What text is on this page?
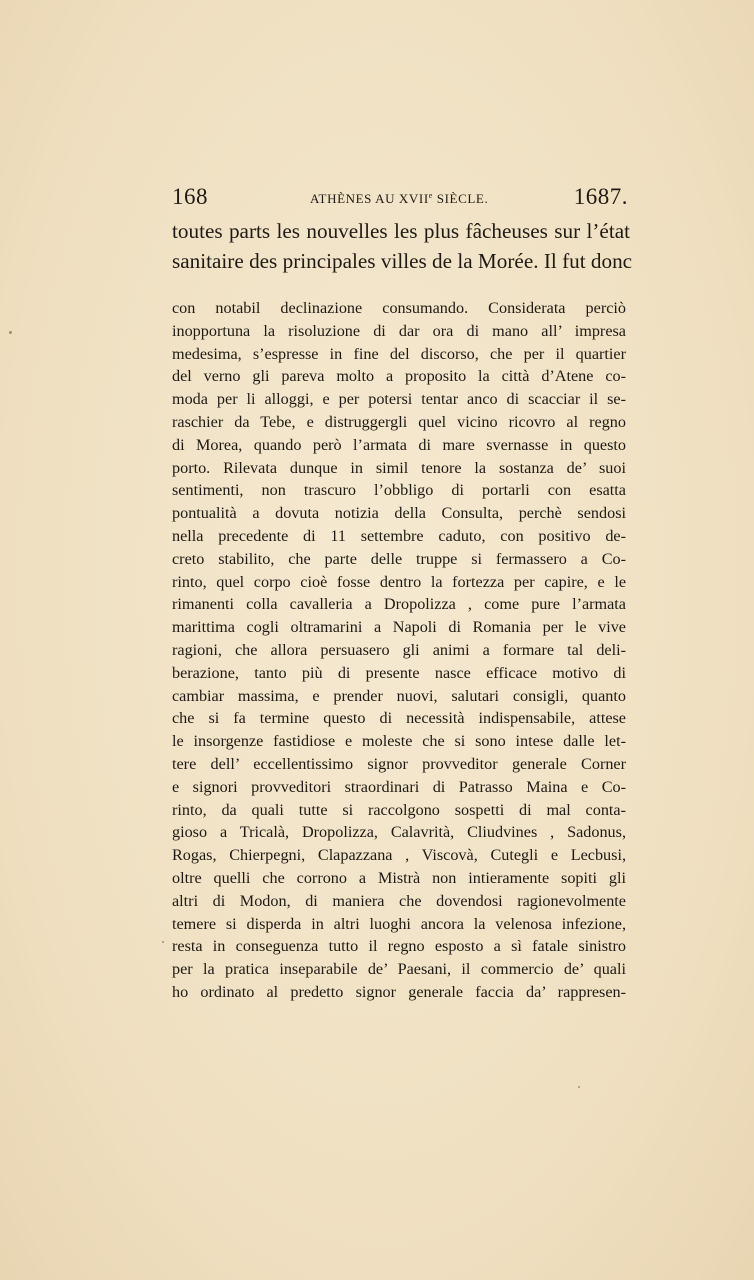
168	ATHÈNES AU XVIIe SIÈCLE.	1687.
toutes parts les nouvelles les plus fâcheuses sur l’état
sanitaire des principales villes de la Morée. Il fut donc
con notabil declinazione consumando. Considerata perciò
inopportuna la risoluzione di dar ora di mano all’ impresa
medesima, s’espresse in fine del discorso, che per il quartier
del verno gli pareva molto a proposito la città d’Atene co-
moda per li alloggi, e per potersi tentar anco di scacciar il se-
raschier da Tebe, e distruggergli quel vicino ricovro al regno
di Morea, quando però l’armata di mare svernasse in questo
porto. Rilevata dunque in simil tenore la sostanza de’ suoi
sentimenti, non trascuro l’obbligo di portarli con esatta
pontualità a dovuta notizia della Consulta, perchè sendosi
nella precedente di 11 settembre caduto, con positivo de-
creto stabilito, che parte delle truppe si fermassero a Co-
rinto, quel corpo cioè fosse dentro la fortezza per capire, e le
rimanenti colla cavalleria a Dropolizza , come pure l’armata
marittima cogli oltramarini a Napoli di Romania per le vive
ragioni, che allora persuasero gli animi a formare tal deli-
berazione, tanto più di presente nasce efficace motivo di
cambiar massima, e prender nuovi, salutari consigli, quanto
che si fa termine questo di necessità indispensabile, attese
le insorgenze fastidiose e moleste che si sono intese dalle let-
tere dell’ eccellentissimo signor provveditor generale Corner
e signori provveditori straordinari di Patrasso Maina e Co-
rinto, da quali tutte si raccolgono sospetti di mal conta-
gioso a Tricalà, Dropolizza, Calavrità, Cliudvines , Sadonus,
Rogas, Chierpegni, Clapazzana , Viscovà, Cutegli e Lecbusi,
oltre quelli che corrono a Mistrà non intieramente sopiti gli
altri di Modon, di maniera che dovendosi ragionevolmente
temere si disperda in altri luoghi ancora la velenosa infezione,
resta in conseguenza tutto il regno esposto a sì fatale sinistro
per la pratica inseparabile de’ Paesani, il commercio de’ quali
ho ordinato al predetto signor generale faccia da’ rappresen-
